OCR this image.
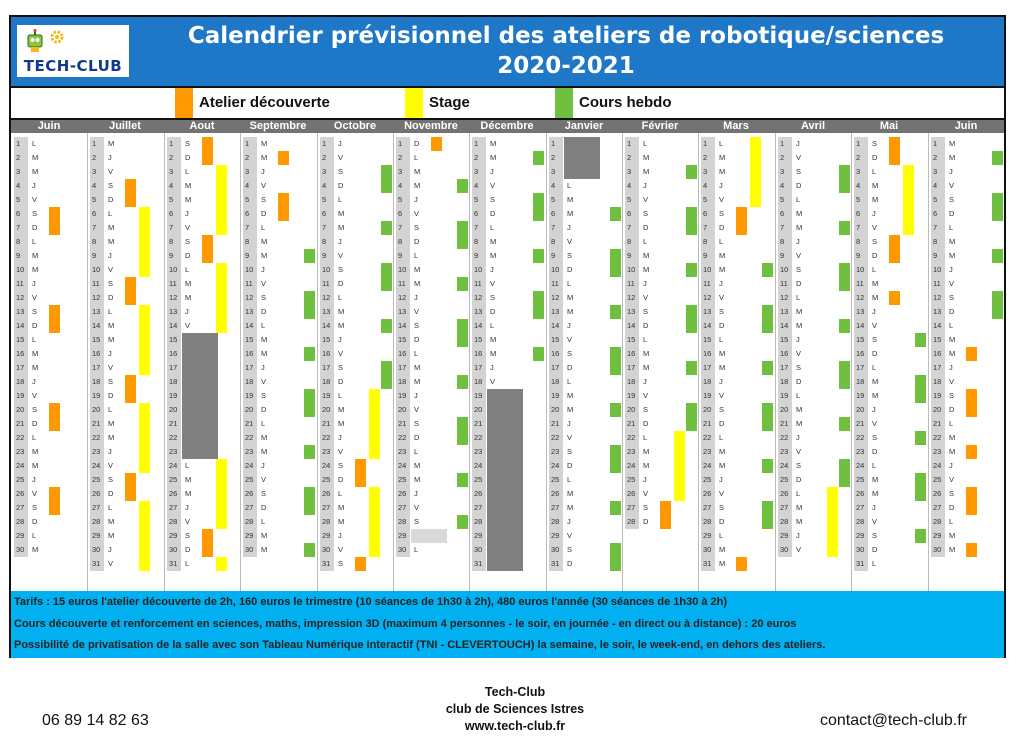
TECH-CLUB
Calendrier prévisionnel des ateliers de robotique/sciences
2020-2021
Atelier découverte	Stage	Cours hebdo
Juin	Juillet	Aout	Septembre	Octobre	Novembre	Décembre	Janvier	Février	Mars	Avril	Mai	Juin
1	L
2	M
3	M
4	J
5	V
6	S
7	D
8	L
9	M
10	M
11	J
12	V
13	S
14	D
15	L
16	M
17	M
18	J
19	V
20	S
21	D
22	L
23	M
24	M
25	J
26	V
27	S
28	D
29	L
30	M
1	M
2	J
3	V
4	S
5	D
6	L
7	M
8	M
9	J
10	V
11	S
12	D
13	L
14	M
15	M
16	J
17	V
18	S
19	D
20	L
21	M
22	M
23	J
24	V
25	S
26	D
27	L
28	M
29	M
30	J
31	V
1	S
2	D
3	L
4	M
5	M
6	J
7	V
8	S
9	D
10	L
11	M
12	M
13	J
14	V
15
16
17
18
19
20
21
22
23
24	L
25	M
26	M
27	J
28	V
29	S
30	D
31	L
1	M
2	M
3	J
4	V
5	S
6	D
7	L
8	M
9	M
10	J
11	V
12	S
13	D
14	L
15	M
16	M
17	J
18	V
19	S
20	D
21	L
22	M
23	M
24	J
25	V
26	S
27	D
28	L
29	M
30	M
1	J
2	V
3	S
4	D
5	L
6	M
7	M
8	J
9	V
10	S
11	D
12	L
13	M
14	M
15	J
16	V
17	S
18	D
19	L
20	M
21	M
22	J
23	V
24	S
25	D
26	L
27	M
28	M
29	J
30	V
31	S
1	D
2	L
3	M
4	M
5	J
6	V
7	S
8	D
9	L
10	M
11	M
12	J
13	V
14	S
15	D
16	L
17	M
18	M
19	J
20	V
21	S
22	D
23	L
24	M
25	M
26	J
27	V
28	S
29
30	L
1	M
2	M
3	J
4	V
5	S
6	D
7	L
8	M
9	M
10	J
11	V
12	S
13	D
14	L
15	M
16	M
17	J
18	V
19
20
21
22
23
24
25
26
27
28
29
30
31
1
2
3
4	L
5	M
6	M
7	J
8	V
9	S
10	D
11	L
12	M
13	M
14	J
15	V
16	S
17	D
18	L
19	M
20	M
21	J
22	V
23	S
24	D
25	L
26	M
27	M
28	J
29	V
30	S
31	D
1	L
2	M
3	M
4	J
5	V
6	S
7	D
8	L
9	M
10	M
11	J
12	V
13	S
14	D
15	L
16	M
17	M
18	J
19	V
20	S
21	D
22	L
23	M
24	M
25	J
26	V
27	S
28	D
1	L
2	M
3	M
4	J
5	V
6	S
7	D
8	L
9	M
10	M
11	J
12	V
13	S
14	D
15	L
16	M
17	M
18	J
19	V
20	S
21	D
22	L
23	M
24	M
25	J
26	V
27	S
28	D
29	L
30	M
31	M
1	J
2	V
3	S
4	D
5	L
6	M
7	M
8	J
9	V
10	S
11	D
12	L
13	M
14	M
15	J
16	V
17	S
18	D
19	L
20	M
21	M
22	J
23	V
24	S
25	D
26	L
27	M
28	M
29	J
30	V
1	S
2	D
3	L
4	M
5	M
6	J
7	V
8	S
9	D
10	L
11	M
12	M
13	J
14	V
15	S
16	D
17	L
18	M
19	M
20	J
21	V
22	S
23	D
24	L
25	M
26	M
27	J
28	V
29	S
30	D
31	L
1	M
2	M
3	J
4	V
5	S
6	D
7	L
8	M
9	M
10	J
11	V
12	S
13	D
14	L
15	M
16	M
17	J
18	V
19	S
20	D
21	L
22	M
23	M
24	J
25	V
26	S
27	D
28	L
29	M
30	M
Tarifs : 15 euros l'atelier découverte de 2h, 160 euros le trimestre (10 séances de 1h30 à 2h), 480 euros l'année (30 séances de 1h30 à 2h)
Cours découverte et renforcement en sciences, maths, impression 3D (maximum 4 personnes - le soir, en journée - en direct ou à distance) : 20 euros
Possibilité de privatisation de la salle avec son Tableau Numérique Interactif (TNI - CLEVERTOUCH) la semaine, le soir, le week-end, en dehors des ateliers.
06 89 14 82 63
Tech-Club
club de Sciences Istres
www.tech-club.fr	contact@tech-club.fr
